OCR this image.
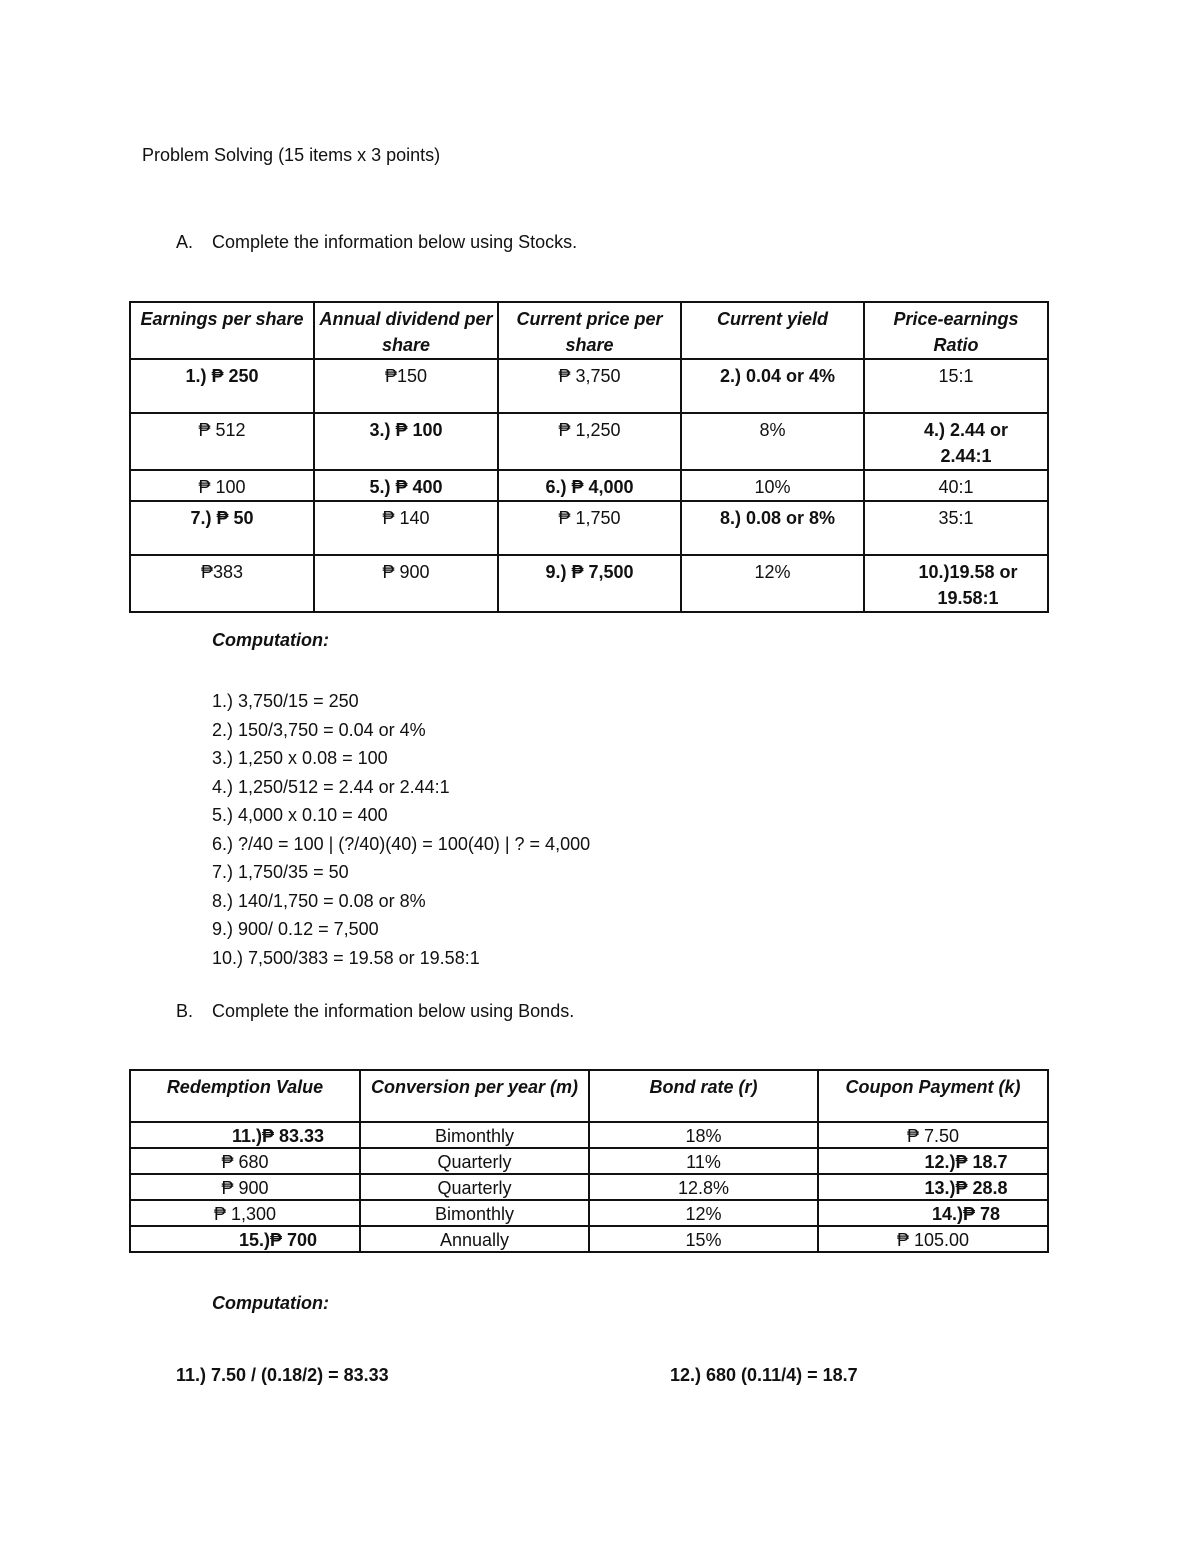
Problem Solving (15 items x 3 points)
A. Complete the information below using Stocks.
Earnings per share	Annual dividend per share	Current price per share	Current yield	Price-earnings Ratio
1.) ₱ 250	₱150	₱ 3,750	2.) 0.04 or 4%	15:1
₱ 512	3.) ₱ 100	₱ 1,250	8%	4.) 2.44 or 2.44:1
₱ 100	5.) ₱ 400	6.) ₱ 4,000	10%	40:1
7.) ₱ 50	₱ 140	₱ 1,750	8.) 0.08 or 8%	35:1
₱383	₱ 900	9.) ₱ 7,500	12%	10.)19.58 or 19.58:1
Computation:
1.) 3,750/15 = 250
2.) 150/3,750 = 0.04 or 4%
3.) 1,250 x 0.08 = 100
4.) 1,250/512 = 2.44 or 2.44:1
5.) 4,000 x 0.10 = 400
6.) ?/40 = 100 | (?/40)(40) = 100(40) | ? = 4,000
7.) 1,750/35 = 50
8.) 140/1,750 = 0.08 or 8%
9.) 900/ 0.12 = 7,500
10.) 7,500/383 = 19.58 or 19.58:1
B. Complete the information below using Bonds.
Redemption Value	Conversion per year (m)	Bond rate (r)	Coupon Payment (k)
11.)₱ 83.33	Bimonthly	18%	₱ 7.50
₱ 680	Quarterly	11%	12.)₱ 18.7
₱ 900	Quarterly	12.8%	13.)₱ 28.8
₱ 1,300	Bimonthly	12%	14.)₱ 78
15.)₱ 700	Annually	15%	₱ 105.00
Computation:
11.) 7.50 / (0.18/2) = 83.33	12.) 680 (0.11/4) = 18.7
